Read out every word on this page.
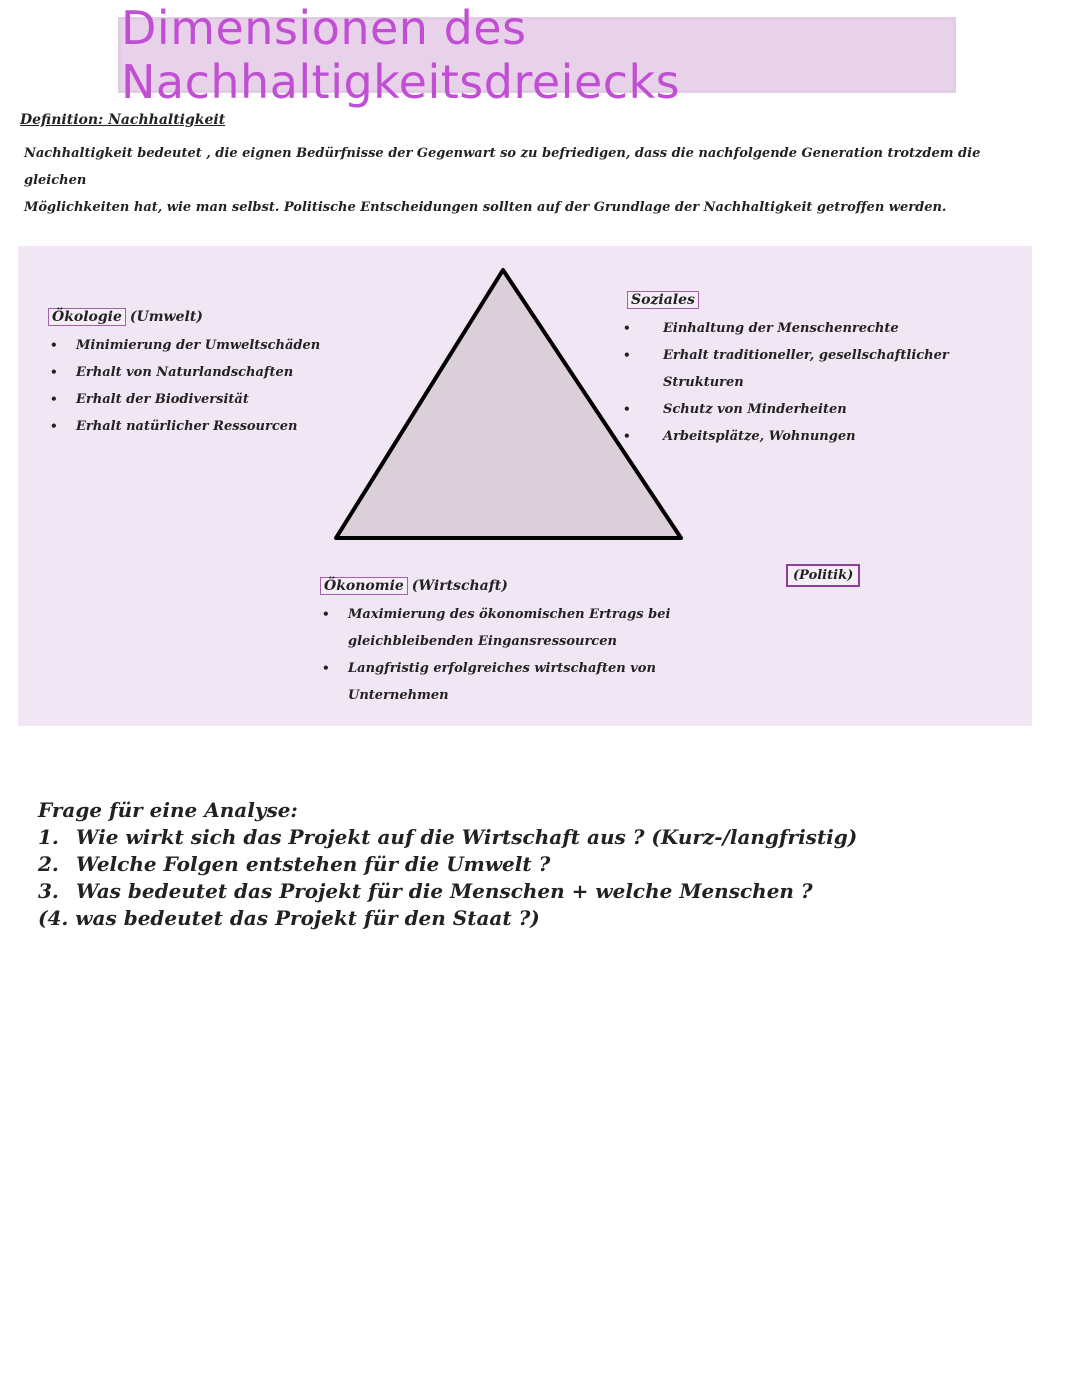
Dimensionen des Nachhaltigkeitsdreiecks
Definition: Nachhaltigkeit
Nachhaltigkeit bedeutet , die eignen Bedürfnisse der Gegenwart so zu befriedigen, dass die nachfolgende Generation trotzdem die gleichen
Möglichkeiten hat, wie man selbst. Politische Entscheidungen sollten auf der Grundlage der Nachhaltigkeit getroffen werden.
Ökologie (Umwelt)
• Minimierung der Umweltschäden
• Erhalt von Naturlandschaften
• Erhalt der Biodiversität
• Erhalt natürlicher Ressourcen
Soziales
• Einhaltung der Menschenrechte
• Erhalt traditioneller, gesellschaftlicher Strukturen
• Schutz von Minderheiten
• Arbeitsplätze, Wohnungen
Ökonomie (Wirtschaft)
• Maximierung des ökonomischen Ertrags bei
gleichbleibenden Eingansressourcen
• Langfristig erfolgreiches wirtschaften von
Unternehmen
(Politik)
Frage für eine Analyse:
1. Wie wirkt sich das Projekt auf die Wirtschaft aus ? (Kurz-/langfristig)
2. Welche Folgen entstehen für die Umwelt ?
3. Was bedeutet das Projekt für die Menschen + welche Menschen ?
(4. was bedeutet das Projekt für den Staat ?)
